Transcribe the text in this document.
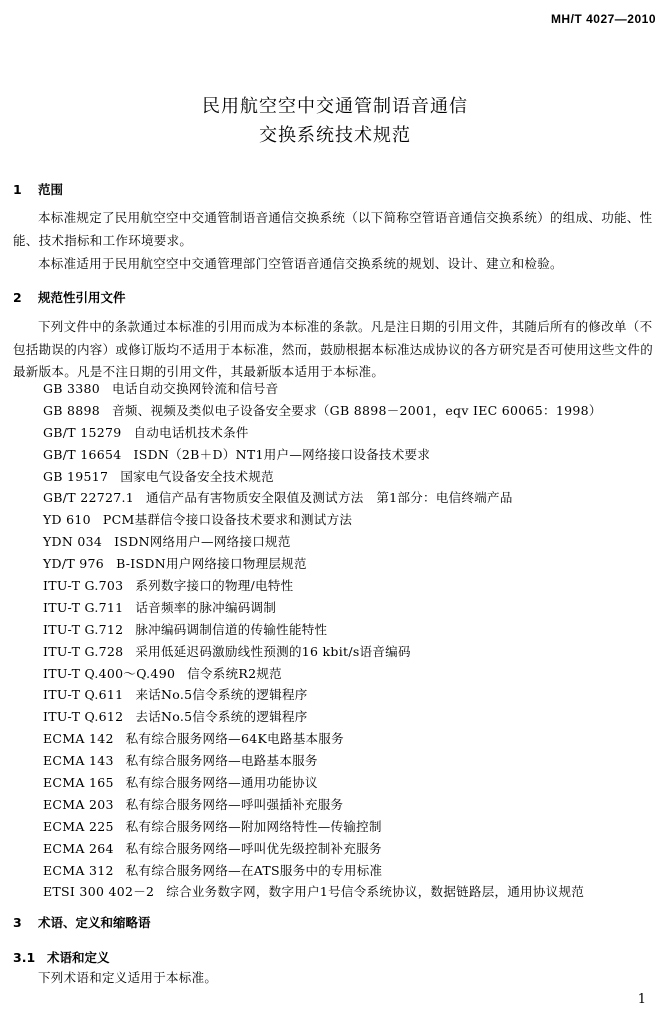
MH/T 4027—2010
民用航空空中交通管制语音通信
交换系统技术规范
1 范围

本标准规定了民用航空空中交通管制语音通信交换系统（以下简称空管语音通信交换系统）的组成、功能、性能、技术指标和工作环境要求。

本标准适用于民用航空空中交通管理部门空管语音通信交换系统的规划、设计、建立和检验。

2 规范性引用文件

下列文件中的条款通过本标准的引用而成为本标准的条款。凡是注日期的引用文件，其随后所有的修改单（不包括勘误的内容）或修订版均不适用于本标准，然而，鼓励根据本标准达成协议的各方研究是否可使用这些文件的最新版本。凡是不注日期的引用文件，其最新版本适用于本标准。

GB 3380 电话自动交换网铃流和信号音
GB 8898 音频、视频及类似电子设备安全要求（GB 8898－2001，eqv IEC 60065：1998）
GB/T 15279 自动电话机技术条件
GB/T 16654 ISDN（2B＋D）NT1用户—网络接口设备技术要求
GB 19517 国家电气设备安全技术规范
GB/T 22727.1 通信产品有害物质安全限值及测试方法　第1部分：电信终端产品
YD 610 PCM基群信令接口设备技术要求和测试方法
YDN 034 ISDN网络用户—网络接口规范
YD/T 976 B-ISDN用户网络接口物理层规范
ITU-T G.703 系列数字接口的物理/电特性
ITU-T G.711 话音频率的脉冲编码调制
ITU-T G.712 脉冲编码调制信道的传输性能特性
ITU-T G.728 采用低延迟码激励线性预测的16 kbit/s语音编码
ITU-T Q.400～Q.490 信令系统R2规范
ITU-T Q.611 来话No.5信令系统的逻辑程序
ITU-T Q.612 去话No.5信令系统的逻辑程序
ECMA 142 私有综合服务网络—64K电路基本服务
ECMA 143 私有综合服务网络—电路基本服务
ECMA 165 私有综合服务网络—通用功能协议
ECMA 203 私有综合服务网络—呼叫强插补充服务
ECMA 225 私有综合服务网络—附加网络特性—传输控制
ECMA 264 私有综合服务网络—呼叫优先级控制补充服务
ECMA 312 私有综合服务网络—在ATS服务中的专用标准
ETSI 300 402－2 综合业务数字网，数字用户1号信令系统协议，数据链路层，通用协议规范
3 术语、定义和缩略语
3.1 术语和定义

下列术语和定义适用于本标准。

1
